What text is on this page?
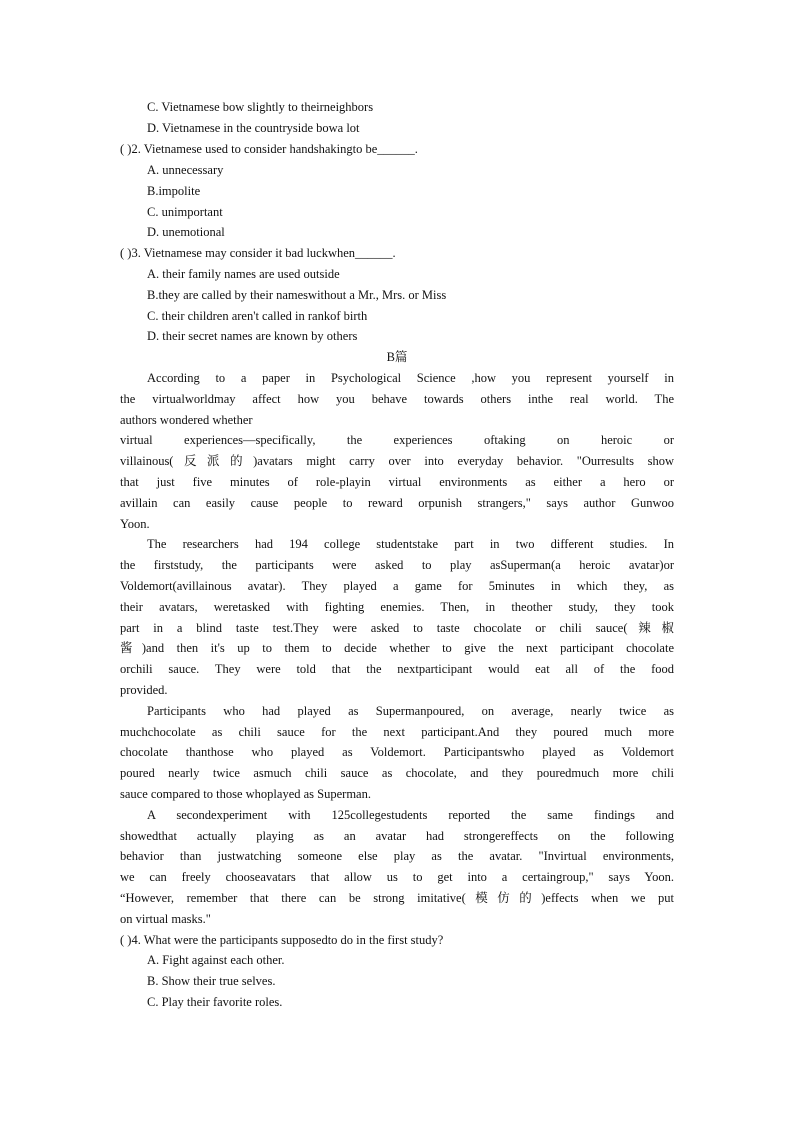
C. Vietnamese bow slightly to theirneighbors
D. Vietnamese in the countryside bowa lot
( )2. Vietnamese used to consider handshakingto be______.
A. unnecessary
B.impolite
C. unimportant
D. unemotional
( )3. Vietnamese may consider it bad luckwhen______.
A. their family names are used outside
B.they are called by their nameswithout a Mr., Mrs. or Miss
C. their children aren't called in rankof birth
D. their secret names are known by others
B篇
According to a paper in Psychological Science ,how you represent yourself in
the virtualworldmay affect how you behave towards others inthe real world. The
authors wondered whether
virtual experiences—specifically, the experiences oftaking on heroic or
villainous(反派的)avatars might carry over into everyday behavior. "Ourresults show
that just five minutes of role-playin virtual environments as either a hero or
avillain can easily cause people to reward orpunish strangers," says author Gunwoo
Yoon.
The researchers had 194 college studentstake part in two different studies. In
the firststudy, the participants were asked to play asSuperman(a heroic avatar)or
Voldemort(avillainous avatar). They played a game for 5minutes in which they, as
their avatars, weretasked with fighting enemies. Then, in theother study, they took
part in a blind taste test.They were asked to taste chocolate or chili sauce(辣椒
酱)and then it's up to them to decide whether to give the next participant chocolate
orchili sauce. They were told that the nextparticipant would eat all of the food
provided.
Participants who had played as Supermanpoured, on average, nearly twice as
muchchocolate as chili sauce for the next participant.And they poured much more
chocolate thanthose who played as Voldemort. Participantswho played as Voldemort
poured nearly twice asmuch chili sauce as chocolate, and they pouredmuch more chili
sauce compared to those whoplayed as Superman.
A secondexperiment with 125collegestudents reported the same findings and
showedthat actually playing as an avatar had strongereffects on the following
behavior than justwatching someone else play as the avatar. "Invirtual environments,
we can freely chooseavatars that allow us to get into a certaingroup," says Yoon.
“However, remember that there can be strong imitative(模仿的)effects when we put
on virtual masks."
( )4. What were the participants supposedto do in the first study?
A. Fight against each other.
B. Show their true selves.
C. Play their favorite roles.
